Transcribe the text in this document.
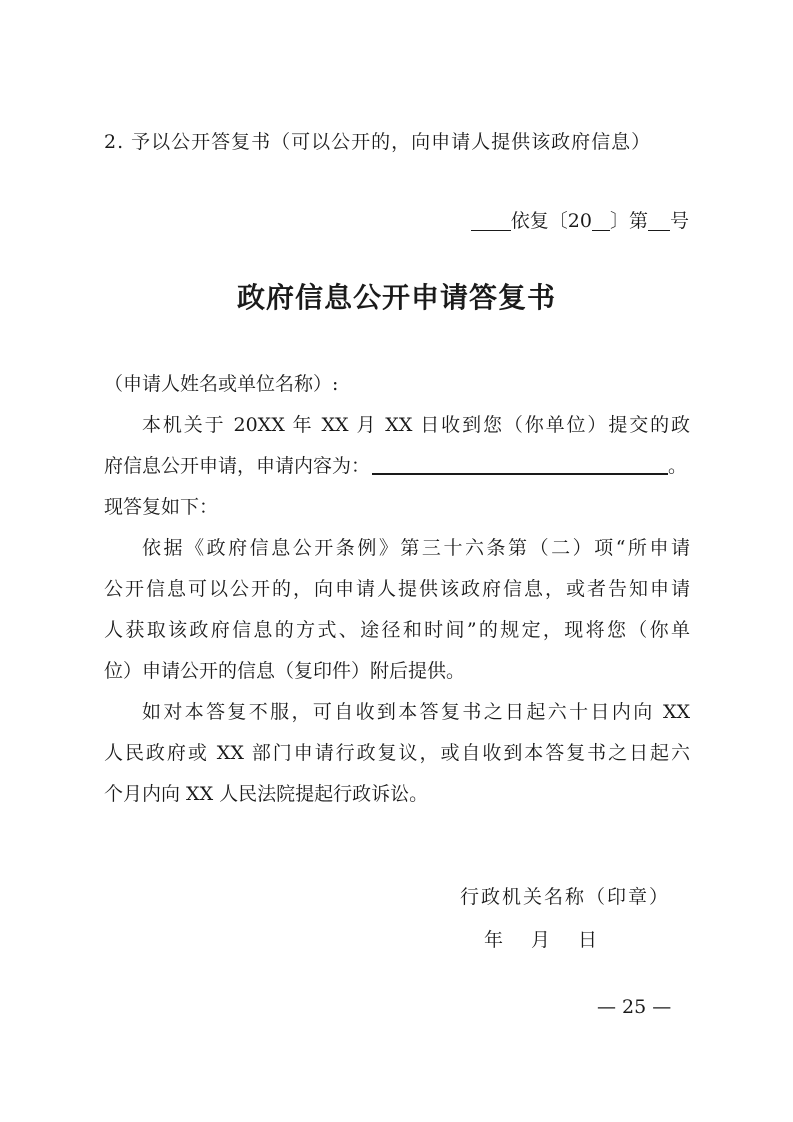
2. 予以公开答复书（可以公开的，向申请人提供该政府信息）
依复〔20 〕第 号
政府信息公开申请答复书

（申请人姓名或单位名称）:

本机关于 20XX 年 XX 月 XX 日收到您（你单位）提交的政
府信息公开申请，申请内容为：	。
现答复如下：

依据《政府信息公开条例》第三十六条第（二）项“所申请
公开信息可以公开的，向申请人提供该政府信息，或者告知申请
人获取该政府信息的方式、途径和时间”的规定，现将您（你单
位）申请公开的信息（复印件）附后提供。

如对本答复不服，可自收到本答复书之日起六十日内向 XX
人民政府或 XX 部门申请行政复议，或自收到本答复书之日起六
个月内向 XX 人民法院提起行政诉讼。

行政机关名称（印章）
年 月 日
— 25 —
